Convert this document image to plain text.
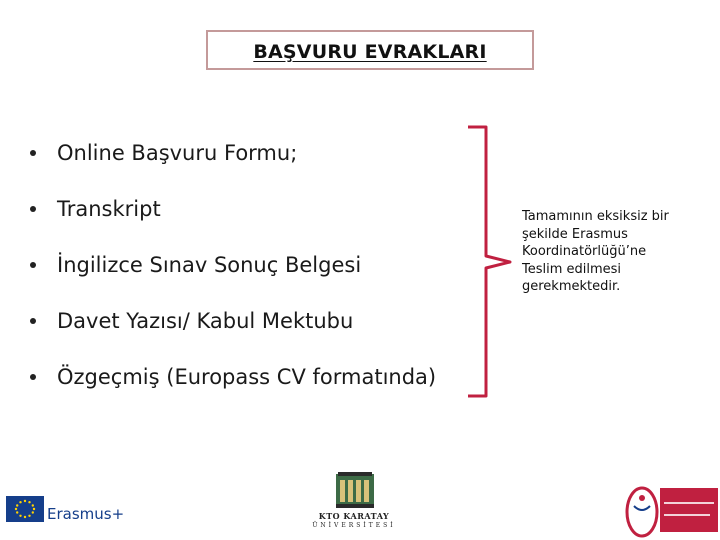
BAŞVURU EVRAKLARI
Online Başvuru Formu;
Transkript
İngilizce Sınav Sonuç Belgesi
Davet Yazısı/ Kabul Mektubu
Özgeçmiş (Europass CV formatında)
Tamamının eksiksiz bir
şekilde Erasmus
Koordinatörlüğü’ne
Teslim edilmesi
gerekmektedir.
Erasmus+	KTO KARATAY
ÜNİVERSİTESİ
